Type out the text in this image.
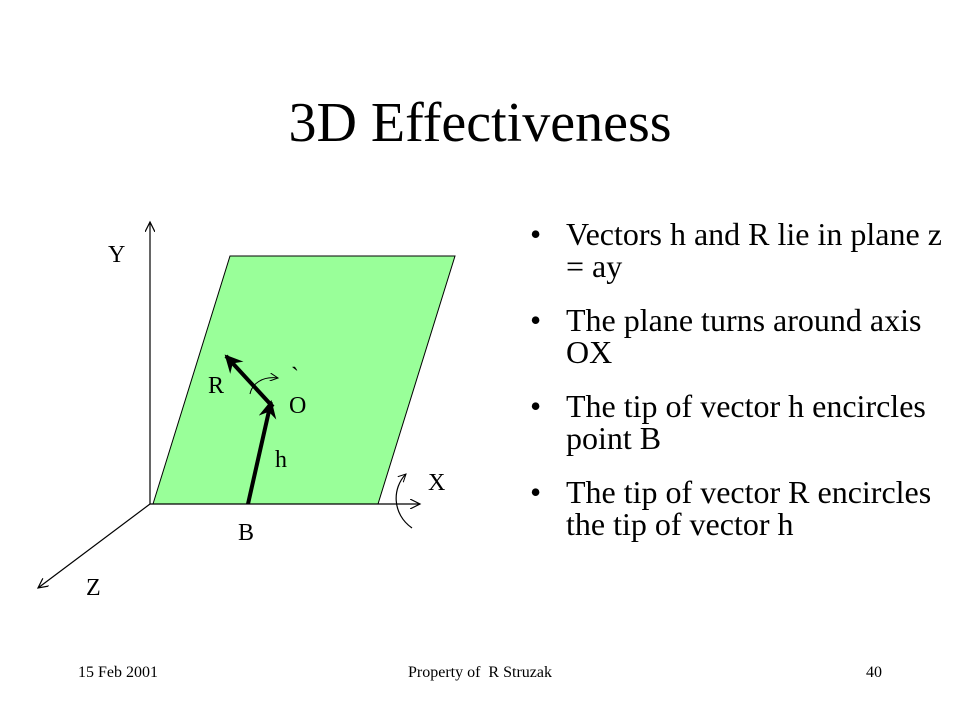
3D Effectiveness
Y
X
Z
R
O
`
h
B
• Vectors h and R lie in plane z = ay
• The plane turns around axis OX
• The tip of vector h encircles point B
• The tip of vector R encircles the tip of vector h
15 Feb 2001	Property of  R Struzak	40
